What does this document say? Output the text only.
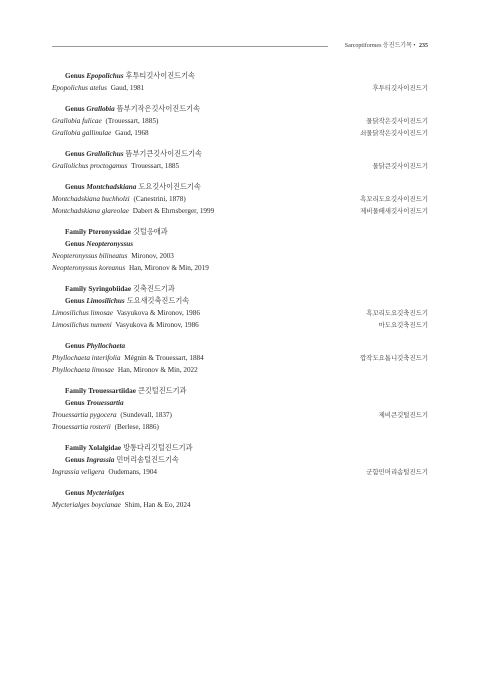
Sarcoptiformes 응진드기목 • 235
Genus Epopolichus 후투티깃사이진드기속
Epopolichus atelus Gaud, 1981	후투티깃사이진드기
Genus Grallobia 뜸부기작은깃사이진드기속
Grallobia fulicae (Trouessart, 1885)	물닭작은깃사이진드기
Grallobia gallinulae Gaud, 1968	쇠물닭작은깃사이진드기
Genus Grallolichus 뜸부기큰깃사이진드기속
Grallolichus proctogamus Trouessart, 1885	물닭큰깃사이진드기
Genus Montchadskiana 도요깃사이진드기속
Montchadskiana buchholzi (Canestrini, 1878)	흑꼬리도요깃사이진드기
Montchadskiana glareolae Dabert & Ehrnsberger, 1999	제비물떼새깃사이진드기
Family Pteronyssidae 깃털응애과
Genus Neopteronyssus
Neopteronyssus bilineatus Mironov, 2003
Neopteronyssus koreanus Han, Mironov & Min, 2019
Family Syringobiidae 깃축진드기과
Genus Limosilichus 도요새깃축진드기속
Limosilichus limosae Vasyukova & Mironov, 1986	흑꼬리도요깃축진드기
Limosilichus numeni Vasyukova & Mironov, 1986	마도요깃축진드기
Genus Phyllochaeta
Phyllochaeta interifolia Mégnin & Trouessart, 1884	깝작도요톱니깃축진드기
Phyllochaeta limosae Han, Mironov & Min, 2022
Family Trouessartiidae 큰깃털진드기과
Genus Trouessartia
Trouessartia pygocera (Sundevall, 1837)	제비큰깃털진드기
Trouessartia rosterii (Berlese, 1886)
Family Xolalgidae 방통다리깃털진드기과
Genus Ingrassia 민머리솜털진드기속
Ingrassia veligera Oudemans, 1904	군함민머리솜털진드기
Genus Mycterialges
Mycterialges boycianae Shim, Han & Eo, 2024
